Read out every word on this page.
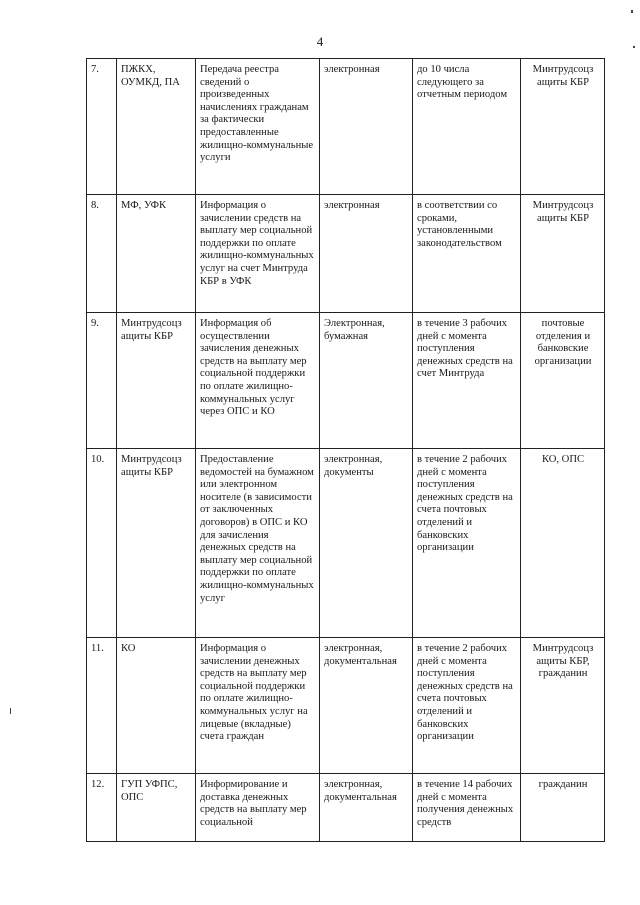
4
7.	ПЖКХ, ОУМКД, ПА	Передача реестра сведений о произведенных начислениях гражданам за фактически предоставленные жилищно-коммунальные услуги	электронная	до 10 числа следующего за отчетным периодом	Минтрудсоцз ащиты КБР
8.	МФ, УФК	Информация о зачислении средств на выплату мер социальной поддержки по оплате жилищно-коммунальных услуг на счет Минтруда КБР в УФК	электронная	в соответствии со сроками, установленными законодательством	Минтрудсоцз ащиты КБР
9.	Минтрудсоцз ащиты КБР	Информация об осуществлении зачисления денежных средств на выплату мер социальной поддержки по оплате жилищно-коммунальных услуг через ОПС и КО	Электронная, бумажная	в течение 3 рабочих дней с момента поступления денежных средств на счет Минтруда	почтовые отделения и банковские организации
10.	Минтрудсоцз ащиты КБР	Предоставление ведомостей на бумажном или электронном носителе (в зависимости от заключенных договоров) в ОПС и КО для зачисления денежных средств на выплату мер социальной поддержки по оплате жилищно-коммунальных услуг	электронная, документы	в течение 2 рабочих дней с момента поступления денежных средств на счета почтовых отделений и банковских организации	КО, ОПС
11.	КО	Информация о зачислении денежных средств на выплату мер социальной поддержки по оплате жилищно-коммунальных услуг на лицевые (вкладные) счета граждан	электронная, документальная	в течение 2 рабочих дней с момента поступления денежных средств на счета почтовых отделений и банковских организации	Минтрудсоцз ащиты КБР, гражданин
12.	ГУП УФПС, ОПС	Информирование и доставка денежных средств на выплату мер социальной	электронная, документальная	в течение 14 рабочих дней с момента получения денежных средств	гражданин
